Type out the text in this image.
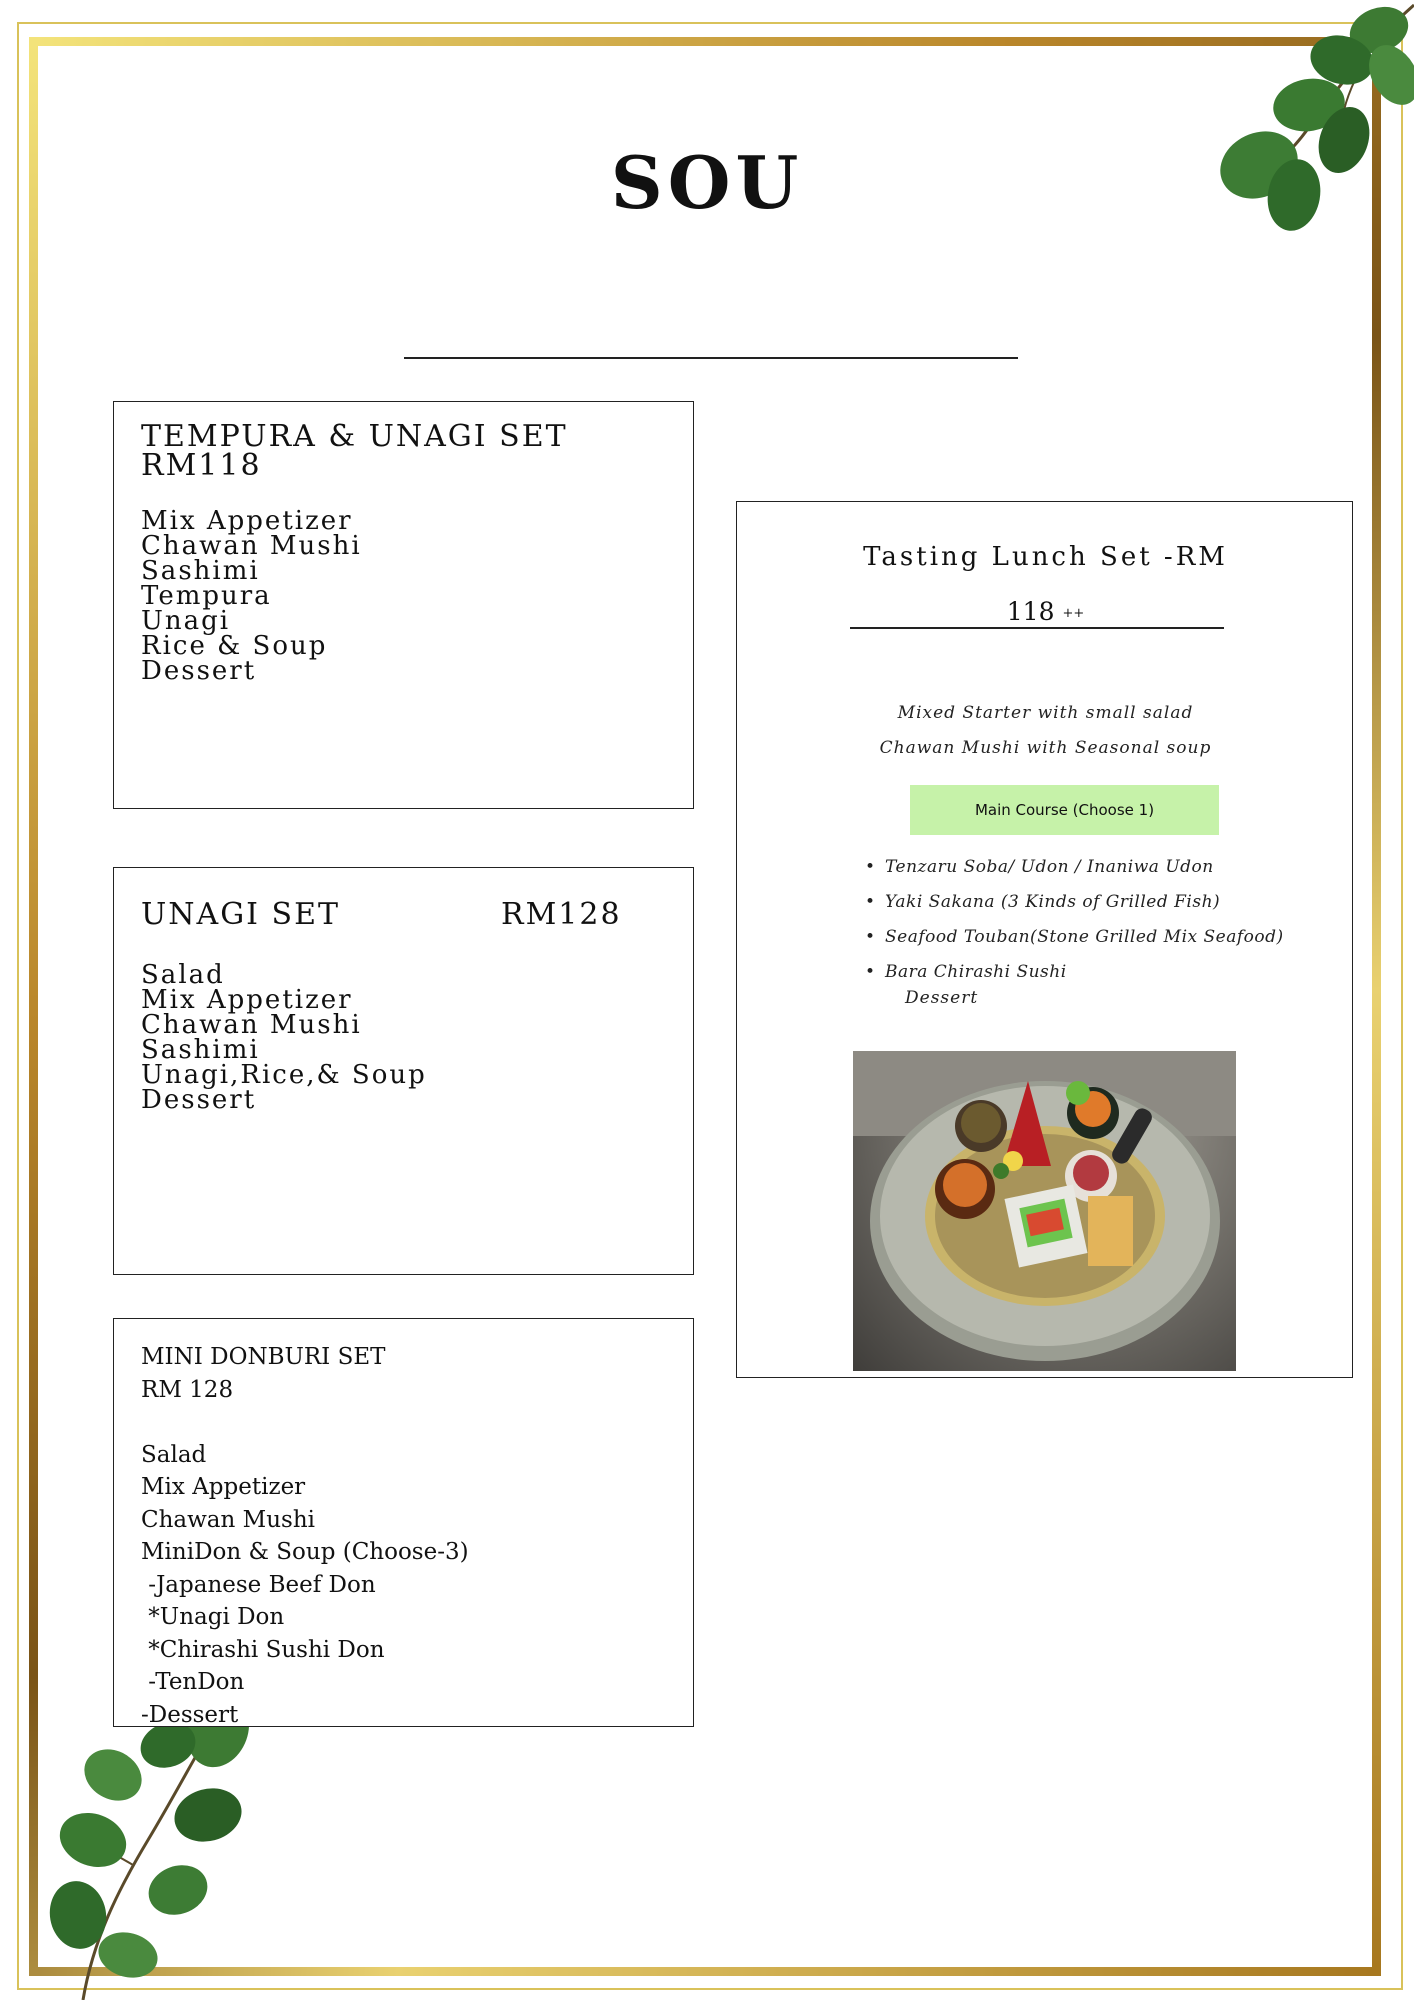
SOU
TEMPURA & UNAGI SET
RM118
Mix Appetizer
Chawan Mushi
Sashimi
Tempura
Unagi
Rice & Soup
Dessert
UNAGI SET	RM128
Salad
Mix Appetizer
Chawan Mushi
Sashimi
Unagi,Rice,& Soup
Dessert
MINI DONBURI SET
RM 128
Salad
Mix Appetizer
Chawan Mushi
MiniDon & Soup (Choose-3)
-Japanese Beef Don
*Unagi Don
*Chirashi Sushi Don
-TenDon
-Dessert
Tasting Lunch Set -RM
118 ++
Mixed Starter with small salad
Chawan Mushi with Seasonal soup
Main Course (Choose 1)
• Tenzaru Soba/ Udon / Inaniwa Udon
• Yaki Sakana (3 Kinds of Grilled Fish)
• Seafood Touban(Stone Grilled Mix Seafood)
• Bara Chirashi Sushi
Dessert
